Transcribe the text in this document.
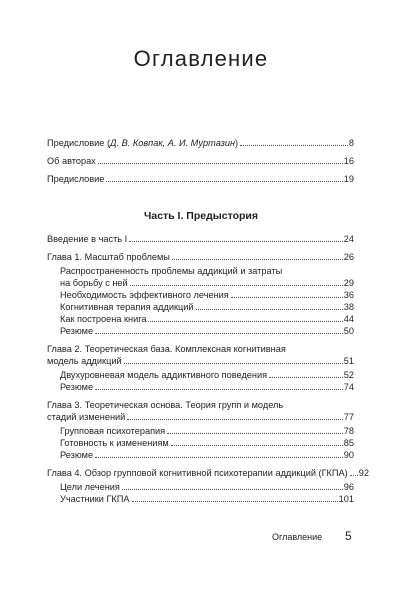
Оглавление
Предисловие (Д. В. Ковпак, А. И. Муртазин)	8
Об авторах	16
Предисловие	19
Часть I. Предыстория
Введение в часть I	24
Глава 1. Масштаб проблемы	26
Распространенность проблемы аддикций и затраты
на борьбу с ней	29
Необходимость эффективного лечения	36
Когнитивная терапия аддикций	38
Как построена книга	44
Резюме	50
Глава 2. Теоретическая база. Комплексная когнитивная
модель аддикций	51
Двухуровневая модель аддиктивного поведения	52
Резюме	74
Глава 3. Теоретическая основа. Теория групп и модель
стадий изменений	77
Групповая психотерапия	78
Готовность к изменениям	85
Резюме	90
Глава 4. Обзор групповой когнитивной психотерапии аддикций (ГКПА) 92
Цели лечения	96
Участники ГКПА	101
Оглавление 5
